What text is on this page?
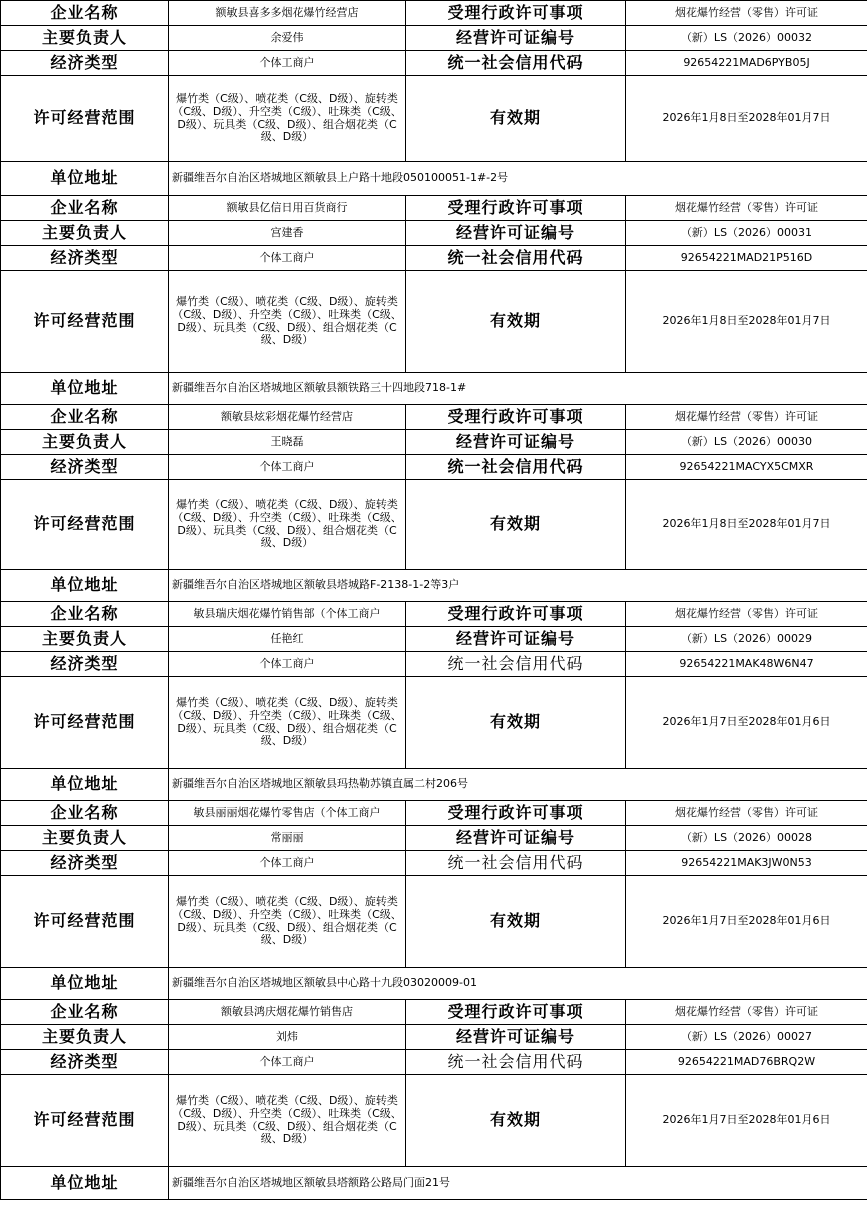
企业名称	额敏县喜多多烟花爆竹经营店	受理行政许可事项	烟花爆竹经营（零售）许可证
主要负责人	余爱伟	经营许可证编号	（新）LS（2026）00032
经济类型	个体工商户	统一社会信用代码	92654221MAD6PYB05J
许可经营范围	爆竹类（C级）、喷花类（C级、D级）、旋转类（C级、D级）、升空类（C级）、吐珠类（C级、D级）、玩具类（C级、D级）、组合烟花类（C级、D级）	有效期	2026年1月8日至2028年01月7日
单位地址	新疆维吾尔自治区塔城地区额敏县上户路十地段050100051-1#-2号		
企业名称	额敏县亿信日用百货商行	受理行政许可事项	烟花爆竹经营（零售）许可证
主要负责人	宫建香	经营许可证编号	（新）LS（2026）00031
经济类型	个体工商户	统一社会信用代码	92654221MAD21P516D
许可经营范围	爆竹类（C级）、喷花类（C级、D级）、旋转类（C级、D级）、升空类（C级）、吐珠类（C级、D级）、玩具类（C级、D级）、组合烟花类（C级、D级）	有效期	2026年1月8日至2028年01月7日
单位地址	新疆维吾尔自治区塔城地区额敏县额铁路三十四地段718-1#		
企业名称	额敏县炫彩烟花爆竹经营店	受理行政许可事项	烟花爆竹经营（零售）许可证
主要负责人	王晓磊	经营许可证编号	（新）LS（2026）00030
经济类型	个体工商户	统一社会信用代码	92654221MACYX5CMXR
许可经营范围	爆竹类（C级）、喷花类（C级、D级）、旋转类（C级、D级）、升空类（C级）、吐珠类（C级、D级）、玩具类（C级、D级）、组合烟花类（C级、D级）	有效期	2026年1月8日至2028年01月7日
单位地址	新疆维吾尔自治区塔城地区额敏县塔城路F-2138-1-2等3户		
企业名称	敏县瑞庆烟花爆竹销售部（个体工商户	受理行政许可事项	烟花爆竹经营（零售）许可证
主要负责人	任艳红	经营许可证编号	（新）LS（2026）00029
经济类型	个体工商户	统一社会信用代码	92654221MAK48W6N47
许可经营范围	爆竹类（C级）、喷花类（C级、D级）、旋转类（C级、D级）、升空类（C级）、吐珠类（C级、D级）、玩具类（C级、D级）、组合烟花类（C级、D级）	有效期	2026年1月7日至2028年01月6日
单位地址	新疆维吾尔自治区塔城地区额敏县玛热勒苏镇直属二村206号		
企业名称	敏县丽丽烟花爆竹零售店（个体工商户	受理行政许可事项	烟花爆竹经营（零售）许可证
主要负责人	常丽丽	经营许可证编号	（新）LS（2026）00028
经济类型	个体工商户	统一社会信用代码	92654221MAK3JW0N53
许可经营范围	爆竹类（C级）、喷花类（C级、D级）、旋转类（C级、D级）、升空类（C级）、吐珠类（C级、D级）、玩具类（C级、D级）、组合烟花类（C级、D级）	有效期	2026年1月7日至2028年01月6日
单位地址	新疆维吾尔自治区塔城地区额敏县中心路十九段03020009-01		
企业名称	额敏县鸿庆烟花爆竹销售店	受理行政许可事项	烟花爆竹经营（零售）许可证
主要负责人	刘炜	经营许可证编号	（新）LS（2026）00027
经济类型	个体工商户	统一社会信用代码	92654221MAD76BRQ2W
许可经营范围	爆竹类（C级）、喷花类（C级、D级）、旋转类（C级、D级）、升空类（C级）、吐珠类（C级、D级）、玩具类（C级、D级）、组合烟花类（C级、D级）	有效期	2026年1月7日至2028年01月6日
单位地址	新疆维吾尔自治区塔城地区额敏县塔额路公路局门面21号		
